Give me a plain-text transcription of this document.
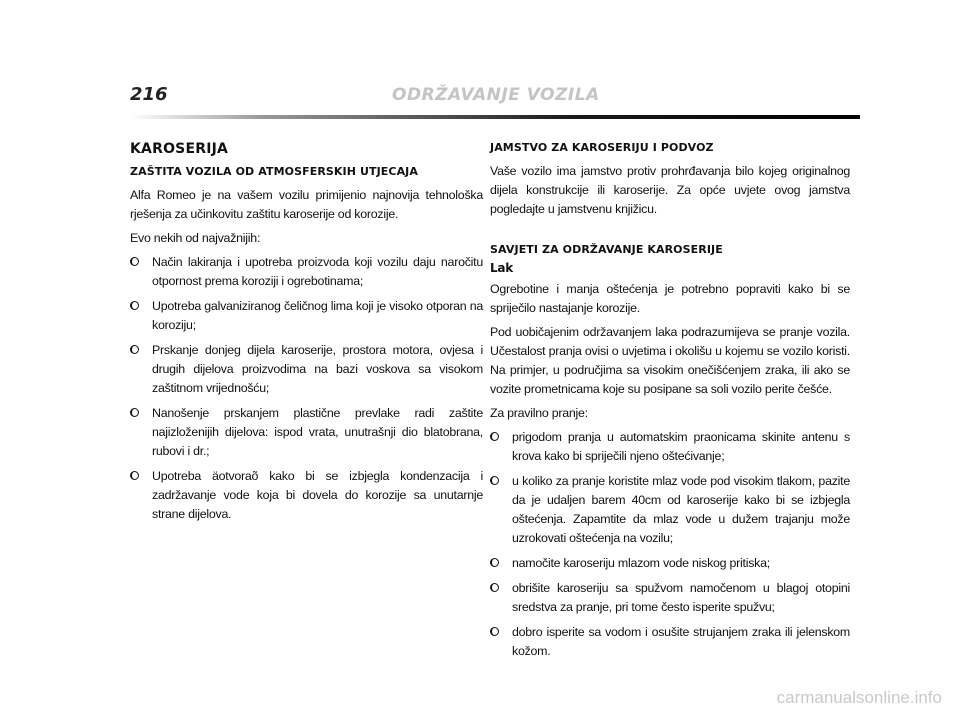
216	ODRŽAVANJE VOZILA
KAROSERIJA
ZAŠTITA VOZILA OD ATMOSFERSKIH UTJECAJA

Alfa Romeo je na vašem vozilu primijenio najnovija tehnološka rješenja za učinkovitu zaštitu karoserije od korozije.

Evo nekih od najvažnijih:

Način lakiranja i upotreba proizvoda koji vozilu daju naročitu otpornost prema koroziji i ogrebotinama;
Upotreba galvaniziranog čeličnog lima koji je visoko otporan na koroziju;
Prskanje donjeg dijela karoserije, prostora motora, ovjesa i drugih dijelova proizvodima na bazi voskova sa visokom zaštitnom vrijednošću;
Nanošenje prskanjem plastične prevlake radi zaštite najizloženijih dijelova: ispod vrata, unutrašnji dio blatobrana, rubovi i dr.;
Upotreba äotvoraõ kako bi se izbjegla kondenzacija i zadržavanje vode koja bi dovela do korozije sa unutarnje strane dijelova.
JAMSTVO ZA KAROSERIJU I PODVOZ

Vaše vozilo ima jamstvo protiv prohrđavanja bilo kojeg originalnog dijela konstrukcije ili karoserije. Za opće uvjete ovog jamstva pogledajte u jamstvenu knjižicu.

SAVJETI ZA ODRŽAVANJE KAROSERIJE
Lak

Ogrebotine i manja oštećenja je potrebno popraviti kako bi se spriječilo nastajanje korozije.

Pod uobičajenim održavanjem laka podrazumijeva se pranje vozila. Učestalost pranja ovisi o uvjetima i okolišu u kojemu se vozilo koristi. Na primjer, u područjima sa visokim onečišćenjem zraka, ili ako se vozite prometnicama koje su posipane sa soli vozilo perite češće.

Za pravilno pranje:

prigodom pranja u automatskim praonicama skinite antenu s krova kako bi spriječili njeno oštećivanje;
u koliko za pranje koristite mlaz vode pod visokim tlakom, pazite da je udaljen barem 40cm od karoserije kako bi se izbjegla oštećenja. Zapamtite da mlaz vode u dužem trajanju može uzrokovati oštećenja na vozilu;
namočite karoseriju mlazom vode niskog pritiska;
obrišite karoseriju sa spužvom namočenom u blagoj otopini sredstva za pranje, pri tome često isperite spužvu;
dobro isperite sa vodom i osušite strujanjem zraka ili jelenskom kožom.
carmanualsonline.info
